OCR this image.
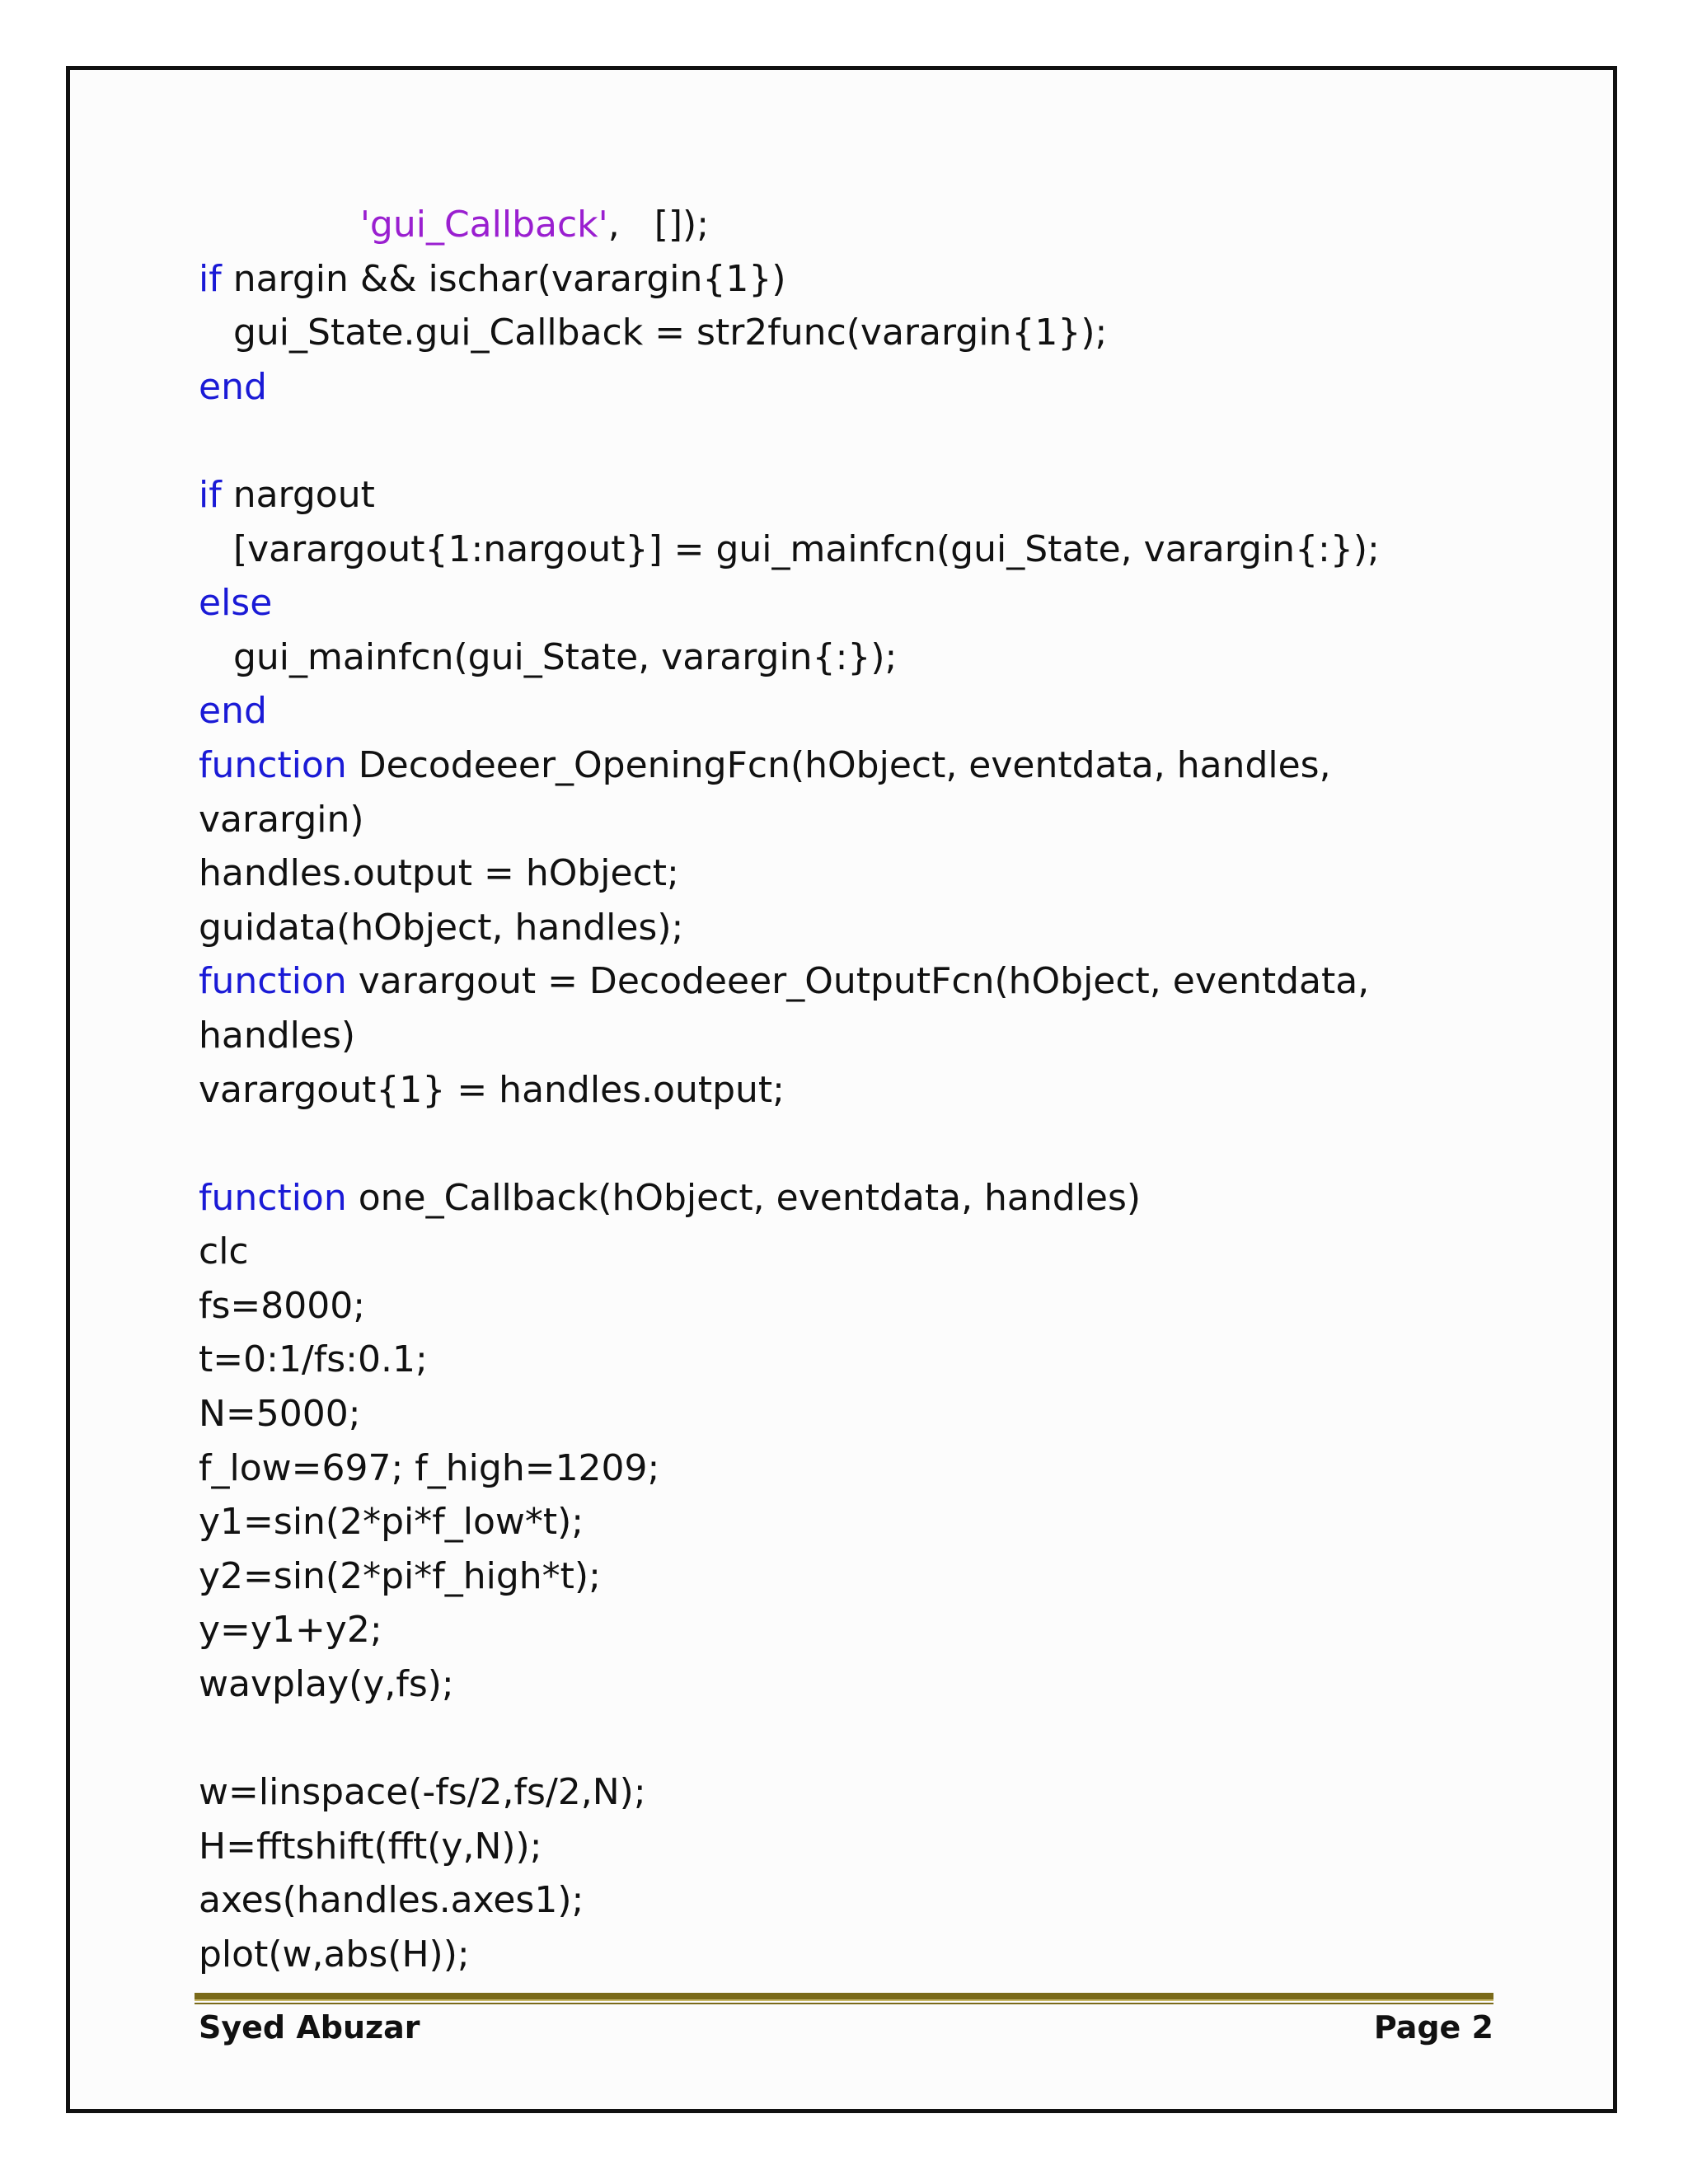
'gui_Callback',   []);
if nargin && ischar(varargin{1})
gui_State.gui_Callback = str2func(varargin{1});
end

if nargout
[varargout{1:nargout}] = gui_mainfcn(gui_State, varargin{:});
else
gui_mainfcn(gui_State, varargin{:});
end
function Decodeeer_OpeningFcn(hObject, eventdata, handles,
varargin)
handles.output = hObject;
guidata(hObject, handles);
function varargout = Decodeeer_OutputFcn(hObject, eventdata,
handles)
varargout{1} = handles.output;

function one_Callback(hObject, eventdata, handles)
clc
fs=8000;
t=0:1/fs:0.1;
N=5000;
f_low=697; f_high=1209;
y1=sin(2*pi*f_low*t);
y2=sin(2*pi*f_high*t);
y=y1+y2;
wavplay(y,fs);

w=linspace(-fs/2,fs/2,N);
H=fftshift(fft(y,N));
axes(handles.axes1);
plot(w,abs(H));
Syed Abuzar	Page 2
